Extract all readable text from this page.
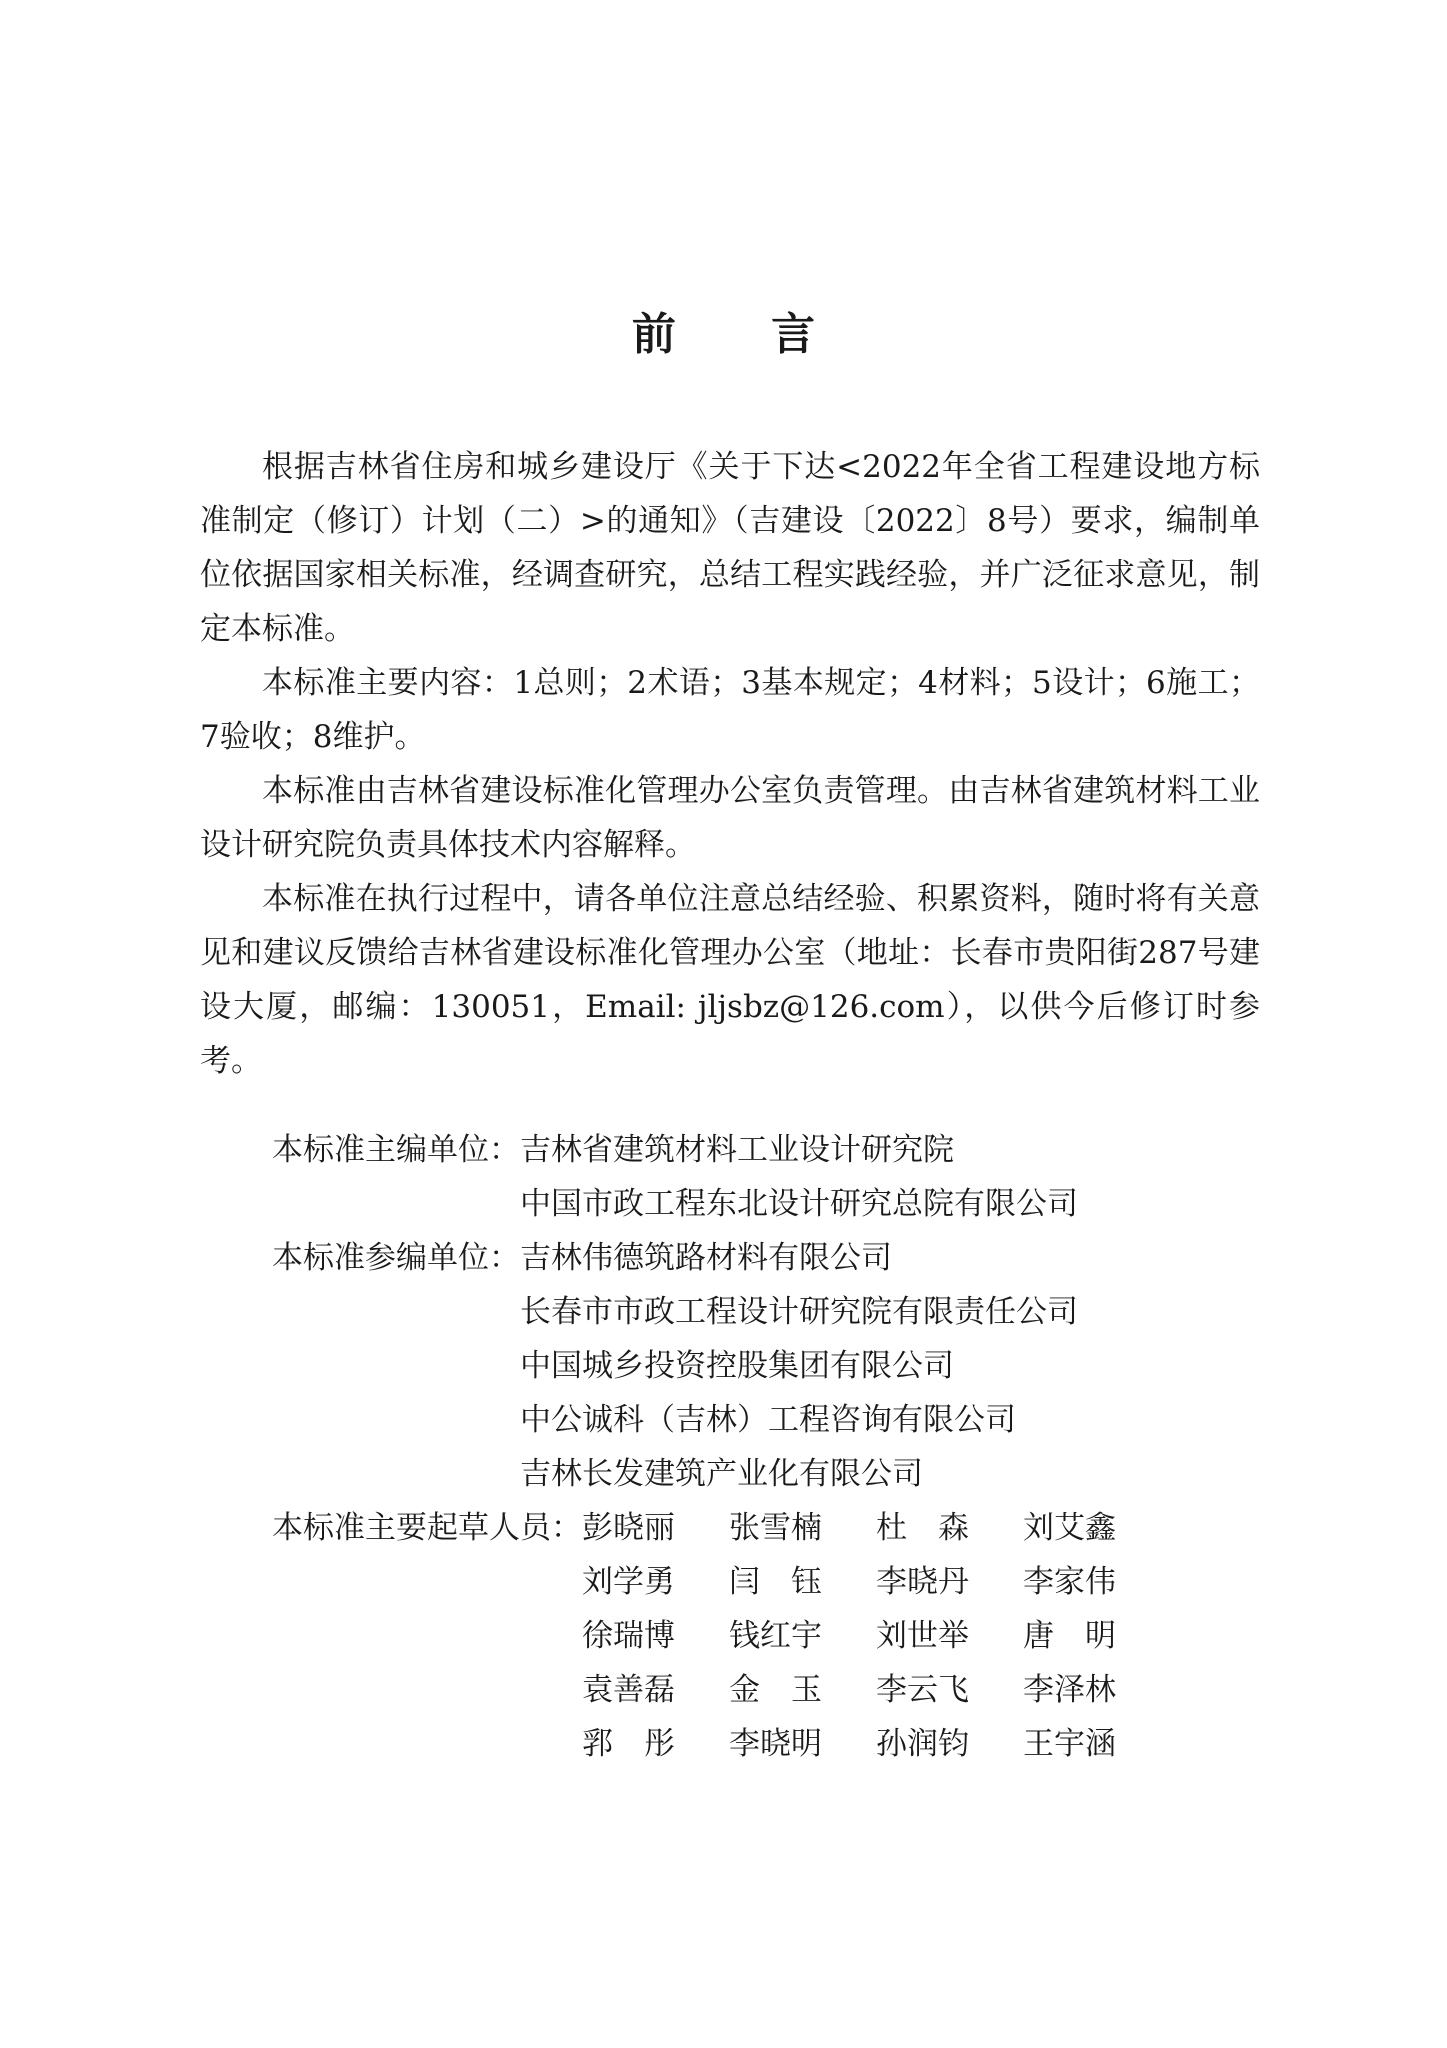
前 言

根据吉林省住房和城乡建设厅《关于下达<2022年全省工程建设地方标准制定（修订）计划（二）>的通知》（吉建设〔2022〕8号）要求，编制单位依据国家相关标准，经调查研究，总结工程实践经验，并广泛征求意见，制定本标准。

本标准主要内容：1总则；2术语；3基本规定；4材料；5设计；6施工；7验收；8维护。

本标准由吉林省建设标准化管理办公室负责管理。由吉林省建筑材料工业设计研究院负责具体技术内容解释。

本标准在执行过程中，请各单位注意总结经验、积累资料，随时将有关意见和建议反馈给吉林省建设标准化管理办公室（地址：长春市贵阳街287号建设大厦，邮编：130051，Email: jljsbz@126.com），以供今后修订时参考。

本标准主编单位： 吉林省建筑材料工业设计研究院
中国市政工程东北设计研究总院有限公司
本标准参编单位： 吉林伟德筑路材料有限公司
长春市市政工程设计研究院有限责任公司
中国城乡投资控股集团有限公司
中公诚科（吉林）工程咨询有限公司
吉林长发建筑产业化有限公司
本标准主要起草人员： 彭晓丽	张雪楠	杜　森	刘艾鑫
刘学勇	闫　钰	李晓丹	李家伟
徐瑞博	钱红宇	刘世举	唐　明
袁善磊	金　玉	李云飞	李泽林
郛　彤	李晓明	孙润钧	王宇涵
